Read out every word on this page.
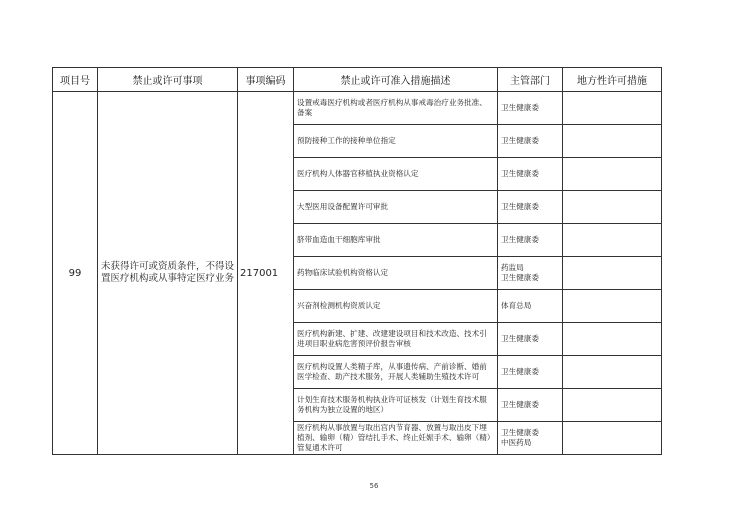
项目号	禁止或许可事项	事项编码	禁止或许可准入措施描述	主管部门	地方性许可措施
99	未获得许可或资质条件，不得设置医疗机构或从事特定医疗业务	217001	设置戒毒医疗机构或者医疗机构从事戒毒治疗业务批准、备案	卫生健康委	

			预防接种工作的接种单位指定	卫生健康委	

			医疗机构人体器官移植执业资格认定	卫生健康委	

			大型医用设备配置许可审批	卫生健康委	

			脐带血造血干细胞库审批	卫生健康委	

			药物临床试验机构资格认定	药监局
卫生健康委	

			兴奋剂检测机构资质认定	体育总局	

			医疗机构新建、扩建、改建建设项目和技术改造、技术引进项目职业病危害预评价报告审核	卫生健康委	

			医疗机构设置人类精子库，从事遗传病、产前诊断、婚前医学检查、助产技术服务，开展人类辅助生殖技术许可	卫生健康委	

			计划生育技术服务机构执业许可证核发（计划生育技术服务机构为独立设置的地区）	卫生健康委	

			医疗机构从事放置与取出宫内节育器、放置与取出皮下埋植剂、输卵（精）管结扎手术、终止妊娠手术、输卵（精）管复通术许可	卫生健康委
中医药局	

56
